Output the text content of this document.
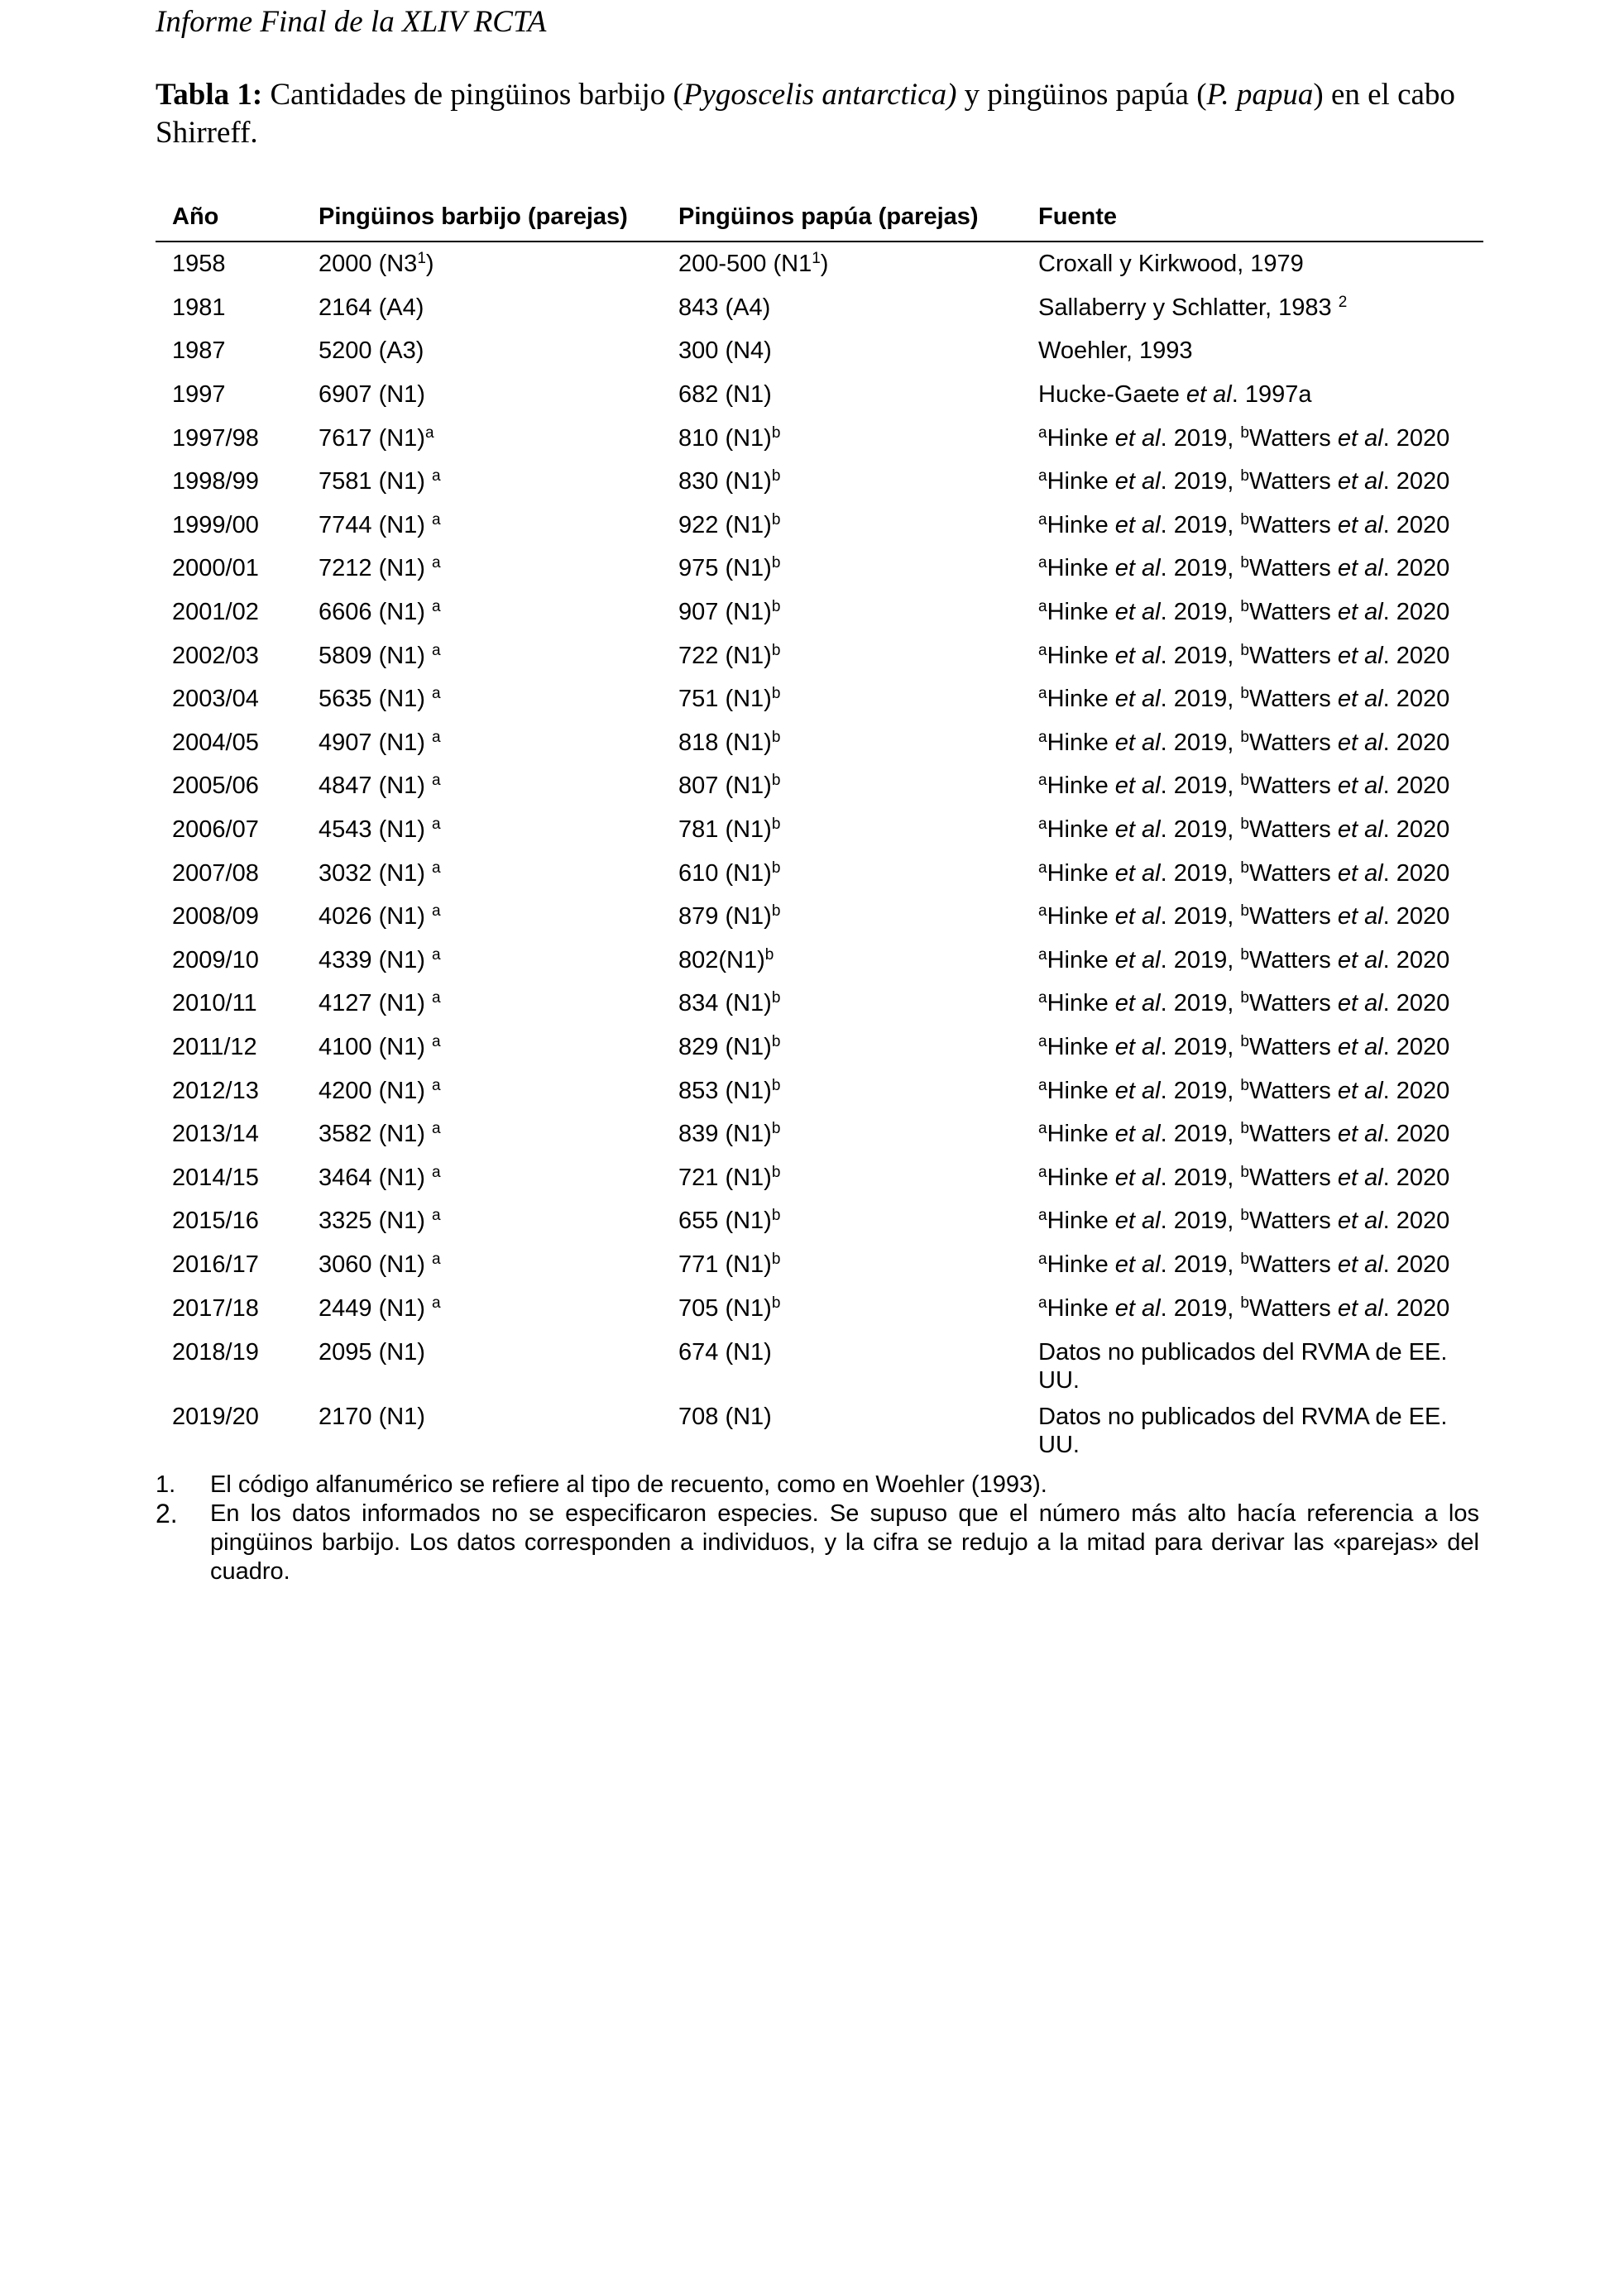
Informe Final de la XLIV RCTA
Tabla 1: Cantidades de pingüinos barbijo (Pygoscelis antarctica) y pingüinos papúa (P. papua) en el cabo Shirreff.
Año	Pingüinos barbijo (parejas)	Pingüinos papúa (parejas)	Fuente
1958	2000 $(N3^1)$	200-500 $(N1^1)$	Croxall y Kirkwood, 1979
1981	2164 (A4)	843 (A4)	Sallaberry y Schlatter, 1983 $^2$
1987	5200 (A3)	300 (N4)	Woehler, 1993
1997	6907 (N1)	682 (N1)	Hucke-Gaete et al. 1997a
1997/98	7617 $(N1)^a$	810 $(N1)^b$	$^a$Hinke et al. 2019, $^b$Watters et al. 2020
1998/99	7581 (N1) $^a$	830 $(N1)^b$	$^a$Hinke et al. 2019, $^b$Watters et al. 2020
1999/00	7744 (N1) $^a$	922 $(N1)^b$	$^a$Hinke et al. 2019, $^b$Watters et al. 2020
2000/01	7212 (N1) $^a$	975 $(N1)^b$	$^a$Hinke et al. 2019, $^b$Watters et al. 2020
2001/02	6606 (N1) $^a$	907 $(N1)^b$	$^a$Hinke et al. 2019, $^b$Watters et al. 2020
2002/03	5809 (N1) $^a$	722 $(N1)^b$	$^a$Hinke et al. 2019, $^b$Watters et al. 2020
2003/04	5635 (N1) $^a$	751 $(N1)^b$	$^a$Hinke et al. 2019, $^b$Watters et al. 2020
2004/05	4907 (N1) $^a$	818 $(N1)^b$	$^a$Hinke et al. 2019, $^b$Watters et al. 2020
2005/06	4847 (N1) $^a$	807 $(N1)^b$	$^a$Hinke et al. 2019, $^b$Watters et al. 2020
2006/07	4543 (N1) $^a$	781 $(N1)^b$	$^a$Hinke et al. 2019, $^b$Watters et al. 2020
2007/08	3032 (N1) $^a$	610 $(N1)^b$	$^a$Hinke et al. 2019, $^b$Watters et al. 2020
2008/09	4026 (N1) $^a$	879 $(N1)^b$	$^a$Hinke et al. 2019, $^b$Watters et al. 2020
2009/10	4339 (N1) $^a$	$802(N1)^b$	$^a$Hinke et al. 2019, $^b$Watters et al. 2020
2010/11	4127 (N1) $^a$	834 $(N1)^b$	$^a$Hinke et al. 2019, $^b$Watters et al. 2020
2011/12	4100 (N1) $^a$	829 $(N1)^b$	$^a$Hinke et al. 2019, $^b$Watters et al. 2020
2012/13	4200 (N1) $^a$	853 $(N1)^b$	$^a$Hinke et al. 2019, $^b$Watters et al. 2020
2013/14	3582 (N1) $^a$	839 $(N1)^b$	$^a$Hinke et al. 2019, $^b$Watters et al. 2020
2014/15	3464 (N1) $^a$	721 $(N1)^b$	$^a$Hinke et al. 2019, $^b$Watters et al. 2020
2015/16	3325 (N1) $^a$	655 $(N1)^b$	$^a$Hinke et al. 2019, $^b$Watters et al. 2020
2016/17	3060 (N1) $^a$	771 $(N1)^b$	$^a$Hinke et al. 2019, $^b$Watters et al. 2020
2017/18	2449 (N1) $^a$	705 $(N1)^b$	$^a$Hinke et al. 2019, $^b$Watters et al. 2020
2018/19	2095 (N1)	674 (N1)	Datos no publicados del RVMA de EE. UU.
2019/20	2170 (N1)	708 (N1)	Datos no publicados del RVMA de EE. UU.
1.	El código alfanumérico se refiere al tipo de recuento, como en Woehler (1993).
2.	En los datos informados no se especificaron especies. Se supuso que el número más alto hacía referencia a los pingüinos barbijo. Los datos corresponden a individuos, y la cifra se redujo a la mitad para derivar las «parejas» del cuadro.
